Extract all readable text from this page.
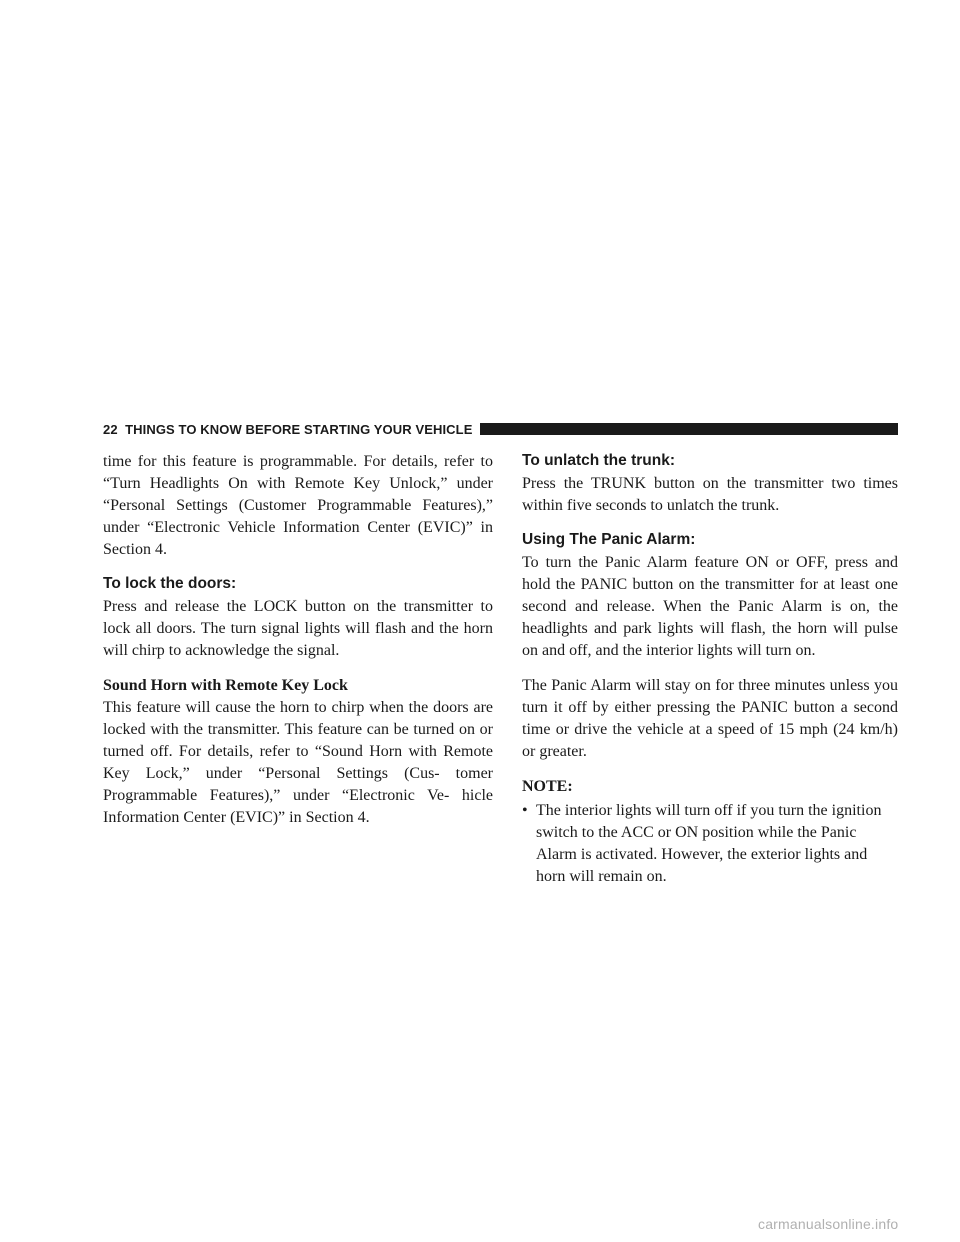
22 THINGS TO KNOW BEFORE STARTING YOUR VEHICLE

time for this feature is programmable. For details, refer to “Turn Headlights On with Remote Key Unlock,” under “Personal Settings (Customer Programmable Features),” under “Electronic Vehicle Information Center (EVIC)” in Section 4.

To lock the doors:

Press and release the LOCK button on the transmitter to lock all doors. The turn signal lights will flash and the horn will chirp to acknowledge the signal.

Sound Horn with Remote Key Lock

This feature will cause the horn to chirp when the doors are locked with the transmitter. This feature can be turned on or turned off. For details, refer to “Sound Horn with Remote Key Lock,” under “Personal Settings (Cus- tomer Programmable Features),” under “Electronic Ve- hicle Information Center (EVIC)” in Section 4.

To unlatch the trunk:

Press the TRUNK button on the transmitter two times within five seconds to unlatch the trunk.

Using The Panic Alarm:

To turn the Panic Alarm feature ON or OFF, press and hold the PANIC button on the transmitter for at least one second and release. When the Panic Alarm is on, the headlights and park lights will flash, the horn will pulse on and off, and the interior lights will turn on.

The Panic Alarm will stay on for three minutes unless you turn it off by either pressing the PANIC button a second time or drive the vehicle at a speed of 15 mph (24 km/h) or greater.

NOTE:

• The interior lights will turn off if you turn the ignition switch to the ACC or ON position while the Panic Alarm is activated. However, the exterior lights and horn will remain on.
carmanualsonline.info
